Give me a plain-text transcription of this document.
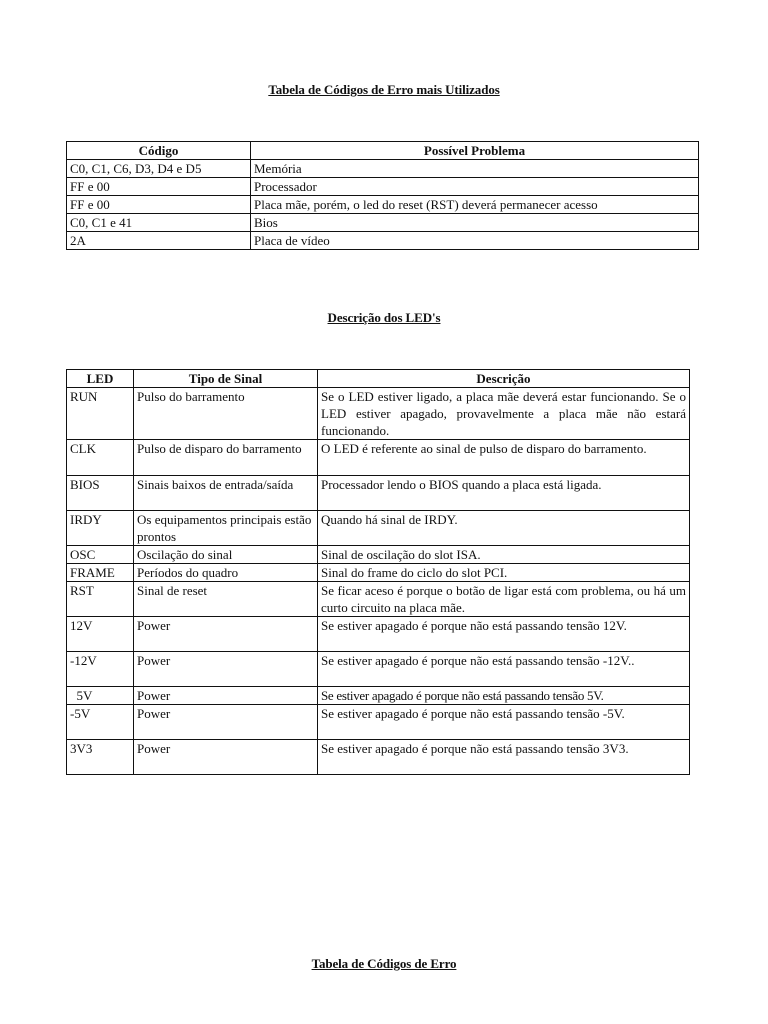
Tabela de Códigos de Erro mais Utilizados
Código	Possível Problema
C0, C1, C6, D3, D4 e D5	Memória
FF e 00	Processador
FF e 00	Placa mãe, porém, o led do reset (RST) deverá permanecer acesso
C0, C1 e 41	Bios
2A	Placa de vídeo
Descrição dos LED's
LED	Tipo de Sinal	Descrição
RUN	Pulso do barramento	Se o LED estiver ligado, a placa mãe deverá estar funcionando. Se o LED estiver apagado, provavelmente a placa mãe não estará funcionando.
CLK	Pulso de disparo do barramento	O LED é referente ao sinal de pulso de disparo do barramento.
BIOS	Sinais baixos de entrada/saída	Processador lendo o BIOS quando a placa está ligada.
IRDY	Os equipamentos principais estão prontos	Quando há sinal de IRDY.
OSC	Oscilação do sinal	Sinal de oscilação do slot ISA.
FRAME	Períodos do quadro	Sinal do frame do ciclo do slot PCI.
RST	Sinal de reset	Se ficar aceso é porque o botão de ligar está com problema, ou há um curto circuito na placa mãe.
12V	Power	Se estiver apagado é porque não está passando tensão 12V.
-12V	Power	Se estiver apagado é porque não está passando tensão -12V..
5V	Power	Se estiver apagado é porque não está passando tensão 5V.
-5V	Power	Se estiver apagado é porque não está passando tensão -5V.
3V3	Power	Se estiver apagado é porque não está passando tensão 3V3.
Tabela de Códigos de Erro
